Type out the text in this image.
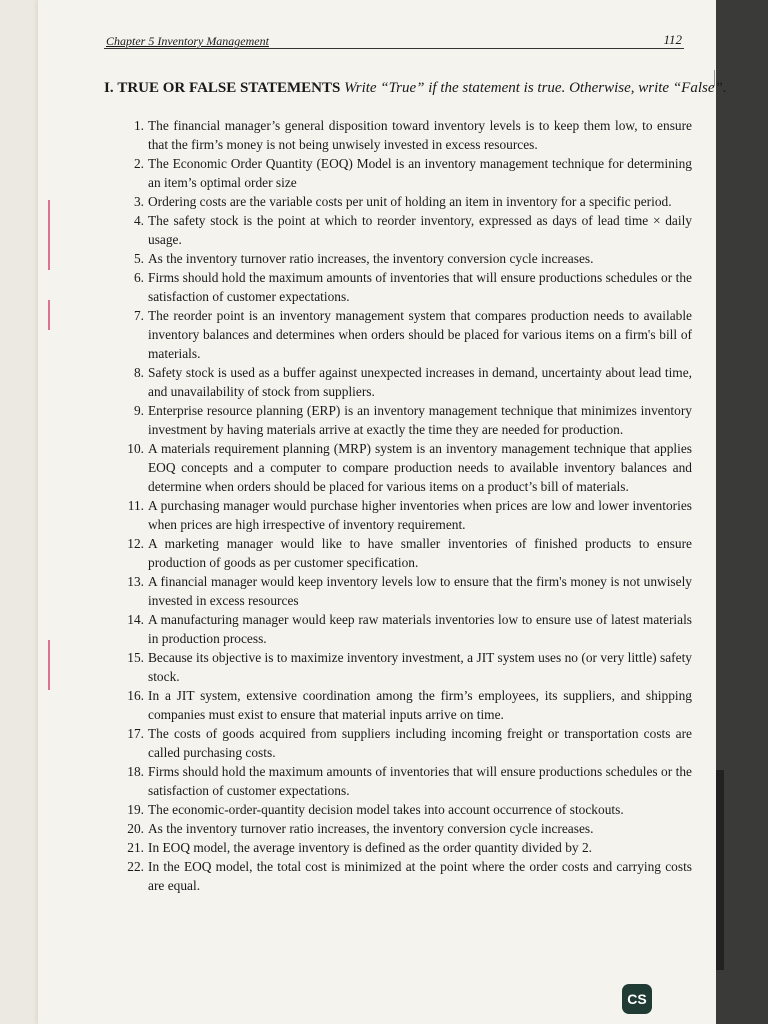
Chapter 5 Inventory Management	112
I. TRUE OR FALSE STATEMENTS Write “True” if the statement is true. Otherwise, write “False”.
1. The financial manager’s general disposition toward inventory levels is to keep them low, to ensure that the firm’s money is not being unwisely invested in excess resources.
2. The Economic Order Quantity (EOQ) Model is an inventory management technique for determining an item’s optimal order size
3. Ordering costs are the variable costs per unit of holding an item in inventory for a specific period.
4. The safety stock is the point at which to reorder inventory, expressed as days of lead time × daily usage.
5. As the inventory turnover ratio increases, the inventory conversion cycle increases.
6. Firms should hold the maximum amounts of inventories that will ensure productions schedules or the satisfaction of customer expectations.
7. The reorder point is an inventory management system that compares production needs to available inventory balances and determines when orders should be placed for various items on a firm's bill of materials.
8. Safety stock is used as a buffer against unexpected increases in demand, uncertainty about lead time, and unavailability of stock from suppliers.
9. Enterprise resource planning (ERP) is an inventory management technique that minimizes inventory investment by having materials arrive at exactly the time they are needed for production.
10. A materials requirement planning (MRP) system is an inventory management technique that applies EOQ concepts and a computer to compare production needs to available inventory balances and determine when orders should be placed for various items on a product’s bill of materials.
11. A purchasing manager would purchase higher inventories when prices are low and lower inventories when prices are high irrespective of inventory requirement.
12. A marketing manager would like to have smaller inventories of finished products to ensure production of goods as per customer specification.
13. A financial manager would keep inventory levels low to ensure that the firm's money is not unwisely invested in excess resources
14. A manufacturing manager would keep raw materials inventories low to ensure use of latest materials in production process.
15. Because its objective is to maximize inventory investment, a JIT system uses no (or very little) safety stock.
16. In a JIT system, extensive coordination among the firm’s employees, its suppliers, and shipping companies must exist to ensure that material inputs arrive on time.
17. The costs of goods acquired from suppliers including incoming freight or transportation costs are called purchasing costs.
18. Firms should hold the maximum amounts of inventories that will ensure productions schedules or the satisfaction of customer expectations.
19. The economic-order-quantity decision model takes into account occurrence of stockouts.
20. As the inventory turnover ratio increases, the inventory conversion cycle increases.
21. In EOQ model, the average inventory is defined as the order quantity divided by 2.
22. In the EOQ model, the total cost is minimized at the point where the order costs and carrying costs are equal.
CS
